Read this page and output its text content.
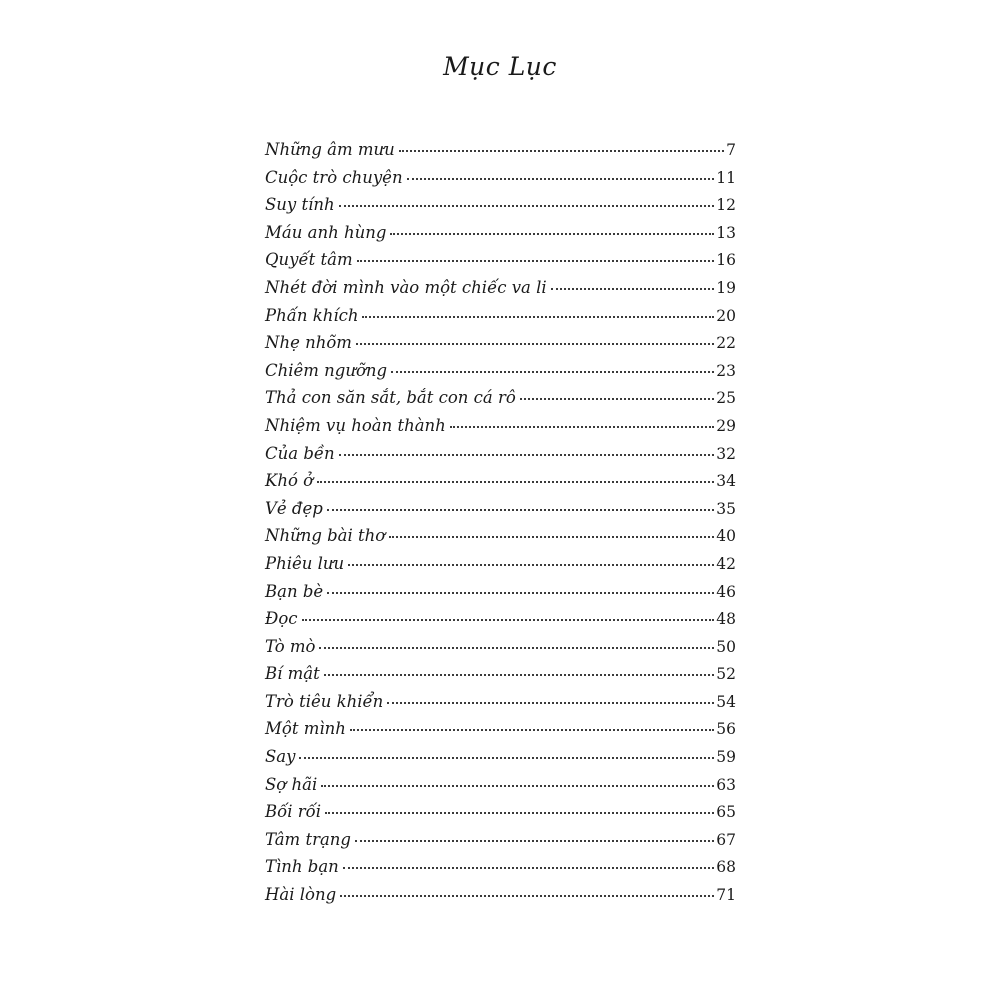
Mục Lục
Những âm mưu	7
Cuộc trò chuyện	11
Suy tính	12
Máu anh hùng	13
Quyết tâm	16
Nhét đời mình vào một chiếc va li	19
Phấn khích	20
Nhẹ nhõm	22
Chiêm ngưỡng	23
Thả con săn sắt, bắt con cá rô	25
Nhiệm vụ hoàn thành	29
Của bền	32
Khó ở	34
Vẻ đẹp	35
Những bài thơ	40
Phiêu lưu	42
Bạn bè	46
Đọc	48
Tò mò	50
Bí mật	52
Trò tiêu khiển	54
Một mình	56
Say	59
Sợ hãi	63
Bối rối	65
Tâm trạng	67
Tình bạn	68
Hài lòng	71
